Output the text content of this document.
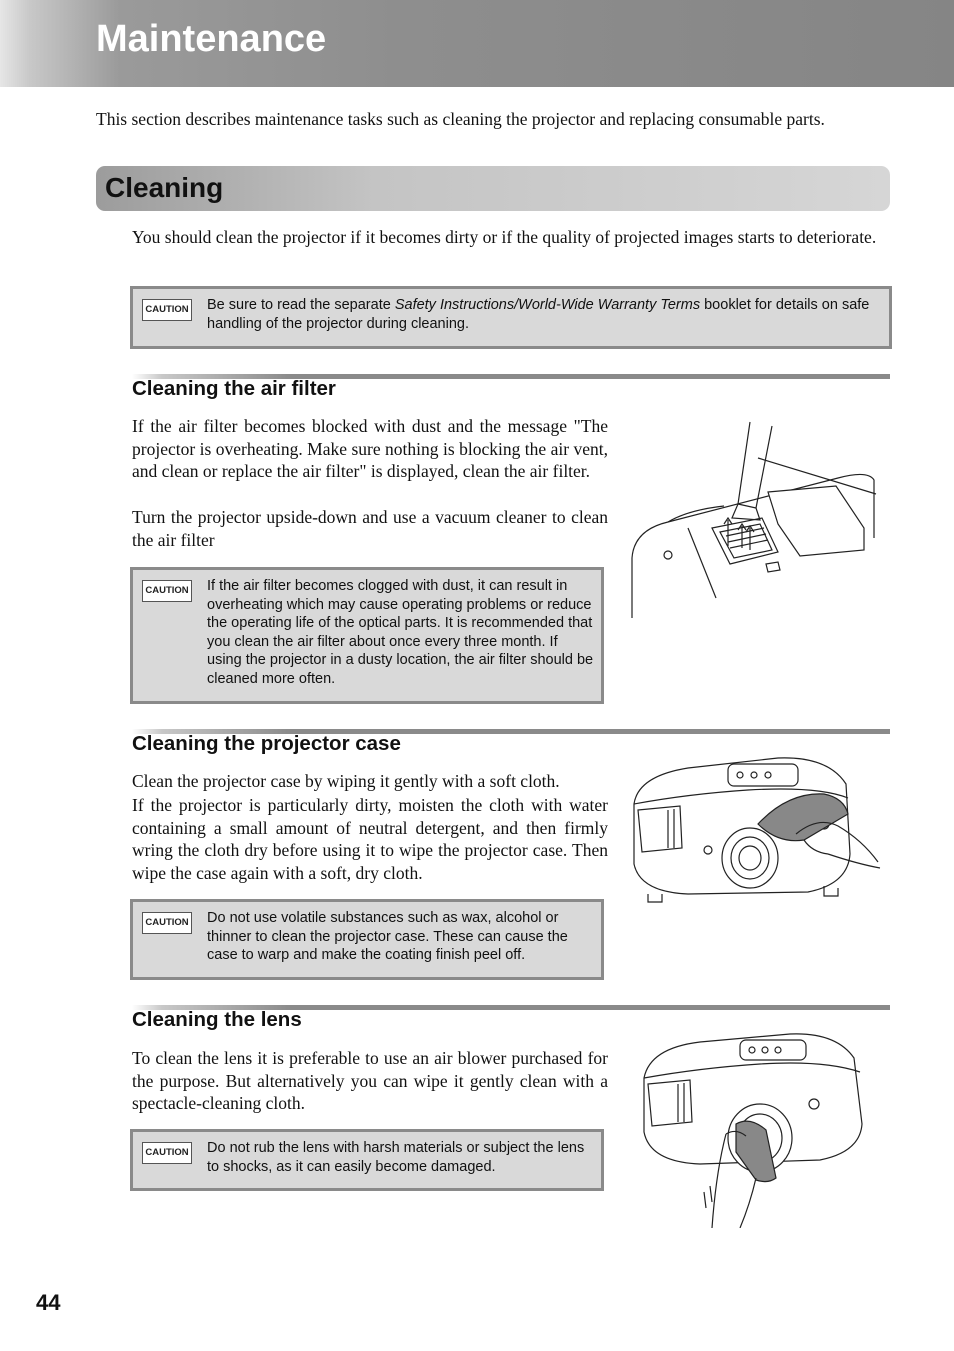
Maintenance

This section describes maintenance tasks such as cleaning the projector and replacing consumable parts.

Cleaning

You should clean the projector if it becomes dirty or if the quality of projected images starts to deteriorate.

CAUTION Be sure to read the separate Safety Instructions/World-Wide Warranty Terms booklet for details on safe handling of the projector during cleaning.

Cleaning the air filter

If the air filter becomes blocked with dust and the message "The projector is overheating. Make sure nothing is blocking the air vent, and clean or replace the air filter" is displayed, clean the air filter.

Turn the projector upside-down and use a vacuum cleaner to clean the air filter

CAUTION If the air filter becomes clogged with dust, it can result in overheating which may cause operating problems or reduce the operating life of the optical parts. It is recommended that you clean the air filter about once every three month. If using the projector in a dusty location, the air filter should be cleaned more often.

Cleaning the projector case

Clean the projector case by wiping it gently with a soft cloth.

If the projector is particularly dirty, moisten the cloth with water containing a small amount of neutral detergent, and then firmly wring the cloth dry before using it to wipe the projector case. Then wipe the case again with a soft, dry cloth.

CAUTION Do not use volatile substances such as wax, alcohol or thinner to clean the projector case. These can cause the case to warp and make the coating finish peel off.

Cleaning the lens

To clean the lens it is preferable to use an air blower purchased for the purpose. But alternatively you can wipe it gently clean with a spectacle-cleaning cloth.

CAUTION Do not rub the lens with harsh materials or subject the lens to shocks, as it can easily become damaged.

44
